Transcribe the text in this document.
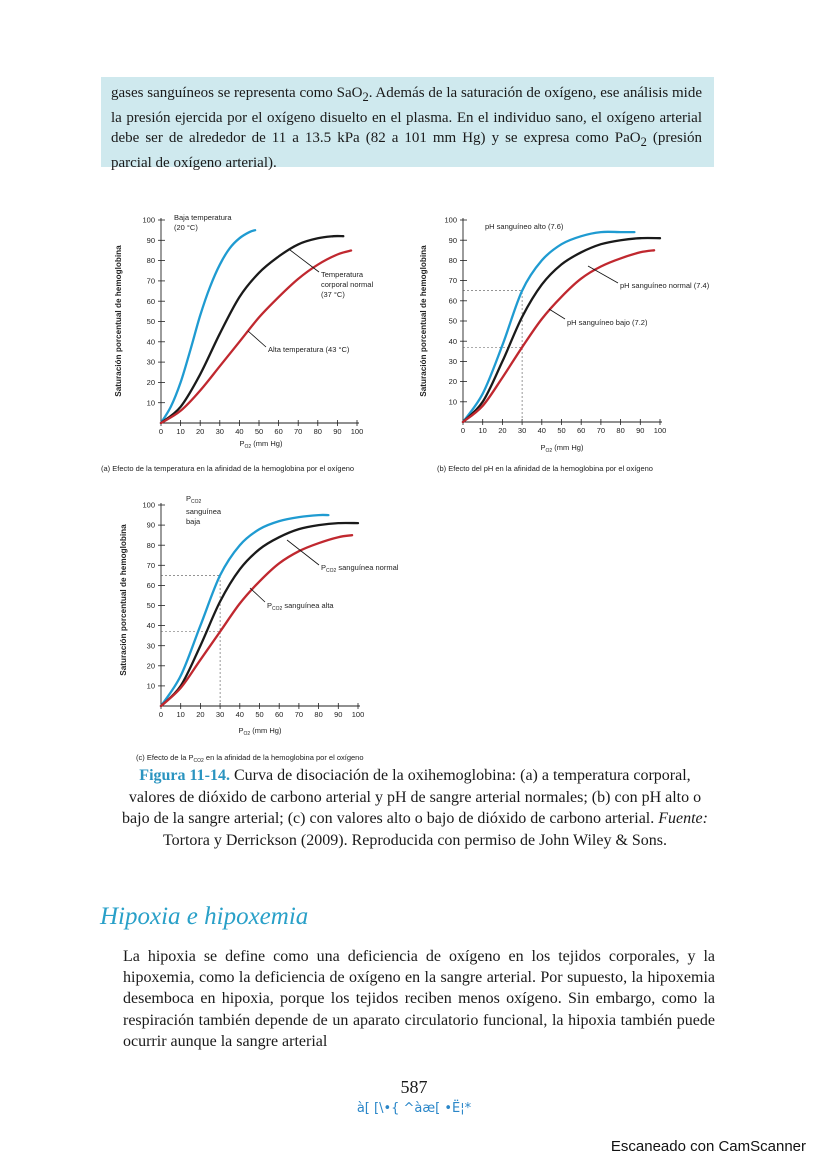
gases sanguíneos se representa como SaO$_2$. Además de la saturación de oxígeno, ese análisis mide la presión ejercida por el oxígeno disuelto en el plasma. En el individuo sano, el oxígeno arterial debe ser de alrededor de 11 a 13.5 kPa (82 a 101 mm Hg) y se expresa como PaO$_2$ (presión parcial de oxígeno arterial).

10
20
30
40
50
60
70
80
90
100
0 10 20 30 40 50 60 70 80 90 100
Saturación porcentual de hemoglobina
$P_{O2}$ (mm Hg)
Baja temperatura (20 °C)
Temperatura corporal normal (37 °C)
Alta temperatura (43 °C)
(a) Efecto de la temperatura en la afinidad de la hemoglobina por el oxígeno
10
20
30
40
50
60
70
80
90
100
0 10 20 30 40 50 60 70 80 90 100
Saturación porcentual de hemoglobina
$P_{O2}$ (mm Hg)
pH sanguíneo alto (7.6)
pH sanguíneo normal (7.4)
pH sanguíneo bajo (7.2)
(b) Efecto del pH en la afinidad de la hemoglobina por el oxígeno
10
20
30
40
50
60
70
80
90
100
0 10 20 30 40 50 60 70 80 90 100
Saturación porcentual de hemoglobina
$P_{O2}$ (mm Hg)
$P_{CO2}$ sanguínea baja
$P_{CO2}$ sanguínea normal
$P_{CO2}$ sanguínea alta
(c) Efecto de la $P_{CO2}$ en la afinidad de la hemoglobina por el oxígeno
Figura 11-14. Curva de disociación de la oxihemoglobina: (a) a temperatura corporal, valores de dióxido de carbono arterial y pH de sangre arterial normales; (b) con pH alto o bajo de la sangre arterial; (c) con valores alto o bajo de dióxido de carbono arterial. Fuente: Tortora y Derrickson (2009). Reproducida con permiso de John Wiley & Sons.
Hipoxia e hipoxemia

La hipoxia se define como una deficiencia de oxígeno en los tejidos corporales, y la hipoxemia, como la deficiencia de oxígeno en la sangre arterial. Por supuesto, la hipoxemia desemboca en hipoxia, porque los tejidos reciben menos oxígeno. Sin embargo, como la respiración también depende de un aparato circulatorio funcional, la hipoxia también puede ocurrir aunque la sangre arterial

587
à[ [\•{ ^àæ[ •Ë¦*
Escaneado con CamScanner
